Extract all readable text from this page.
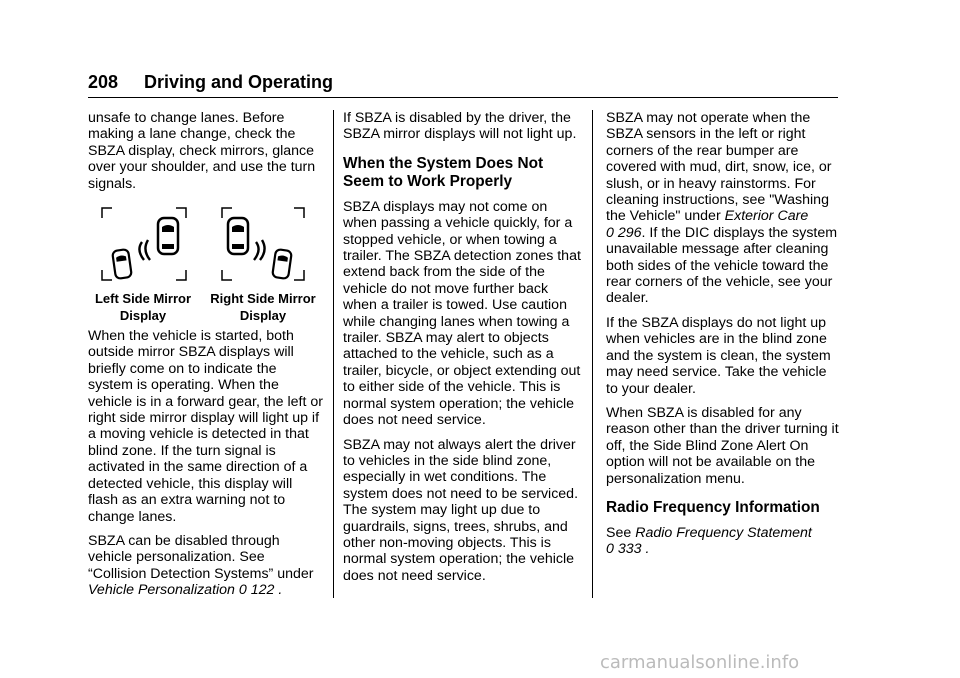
208 Driving and Operating

unsafe to change lanes. Before making a lane change, check the SBZA display, check mirrors, glance over your shoulder, and use the turn signals.

Left Side Mirror
Display
Right Side Mirror
Display

When the vehicle is started, both outside mirror SBZA displays will briefly come on to indicate the system is operating. When the vehicle is in a forward gear, the left or right side mirror display will light up if a moving vehicle is detected in that blind zone. If the turn signal is activated in the same direction of a detected vehicle, this display will flash as an extra warning not to change lanes.

SBZA can be disabled through vehicle personalization. See “Collision Detection Systems” under Vehicle Personalization 0 122 .

If SBZA is disabled by the driver, the SBZA mirror displays will not light up.

When the System Does Not Seem to Work Properly

SBZA displays may not come on when passing a vehicle quickly, for a stopped vehicle, or when towing a trailer. The SBZA detection zones that extend back from the side of the vehicle do not move further back when a trailer is towed. Use caution while changing lanes when towing a trailer. SBZA may alert to objects attached to the vehicle, such as a trailer, bicycle, or object extending out to either side of the vehicle. This is normal system operation; the vehicle does not need service.

SBZA may not always alert the driver to vehicles in the side blind zone, especially in wet conditions. The system does not need to be serviced. The system may light up due to guardrails, signs, trees, shrubs, and other non-moving objects. This is normal system operation; the vehicle does not need service.

SBZA may not operate when the SBZA sensors in the left or right corners of the rear bumper are covered with mud, dirt, snow, ice, or slush, or in heavy rainstorms. For cleaning instructions, see "Washing the Vehicle" under Exterior Care
0 296. If the DIC displays the system unavailable message after cleaning both sides of the vehicle toward the rear corners of the vehicle, see your dealer.

If the SBZA displays do not light up when vehicles are in the blind zone and the system is clean, the system may need service. Take the vehicle to your dealer.

When SBZA is disabled for any reason other than the driver turning it off, the Side Blind Zone Alert On option will not be available on the personalization menu.

Radio Frequency Information

See Radio Frequency Statement
0 333 .

carmanualsonline.info
